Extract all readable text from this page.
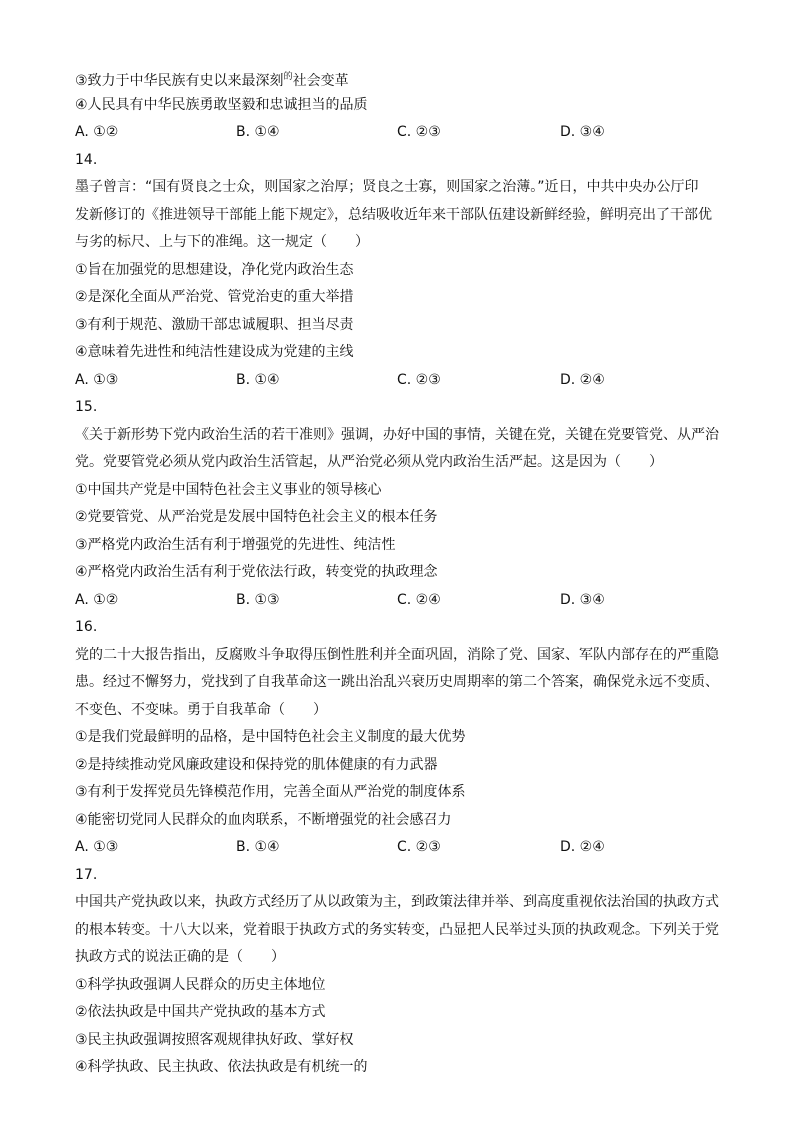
③致力于中华民族有史以来最深刻$^的$社会变革
④人民具有中华民族勇敢坚毅和忠诚担当的品质
A. ①②	B. ①④	C. ②③	D. ③④
14.
墨子曾言：“国有贤良之士众，则国家之治厚；贤良之士寡，则国家之治薄。”近日，中共中央办公厅印
发新修订的《推进领导干部能上能下规定》，总结吸收近年来干部队伍建设新鲜经验，鲜明亮出了干部优
与劣的标尺、上与下的准绳。这一规定（　　）
①旨在加强党的思想建设，净化党内政治生态
②是深化全面从严治党、管党治吏的重大举措
③有利于规范、激励干部忠诚履职、担当尽责
④意味着先进性和纯洁性建设成为党建的主线
A. ①③	B. ①④	C. ②③	D. ②④
15.
《关于新形势下党内政治生活的若干准则》强调，办好中国的事情，关键在党，关键在党要管党、从严治
党。党要管党必须从党内政治生活管起，从严治党必须从党内政治生活严起。这是因为（　　）
①中国共产党是中国特色社会主义事业的领导核心
②党要管党、从严治党是发展中国特色社会主义的根本任务
③严格党内政治生活有利于增强党的先进性、纯洁性
④严格党内政治生活有利于党依法行政，转变党的执政理念
A. ①②	B. ①③	C. ②④	D. ③④
16.
党的二十大报告指出，反腐败斗争取得压倒性胜利并全面巩固，消除了党、国家、军队内部存在的严重隐
患。经过不懈努力，党找到了自我革命这一跳出治乱兴衰历史周期率的第二个答案，确保党永远不变质、
不变色、不变味。勇于自我革命（　　）
①是我们党最鲜明的品格，是中国特色社会主义制度的最大优势
②是持续推动党风廉政建设和保持党的肌体健康的有力武器
③有利于发挥党员先锋模范作用，完善全面从严治党的制度体系
④能密切党同人民群众的血肉联系，不断增强党的社会感召力
A. ①③	B. ①④	C. ②③	D. ②④
17.
中国共产党执政以来，执政方式经历了从以政策为主，到政策法律并举、到高度重视依法治国的执政方式
的根本转变。十八大以来，党着眼于执政方式的务实转变，凸显把人民举过头顶的执政观念。下列关于党
执政方式的说法正确的是（　　）
①科学执政强调人民群众的历史主体地位
②依法执政是中国共产党执政的基本方式
③民主执政强调按照客观规律执好政、掌好权
④科学执政、民主执政、依法执政是有机统一的
